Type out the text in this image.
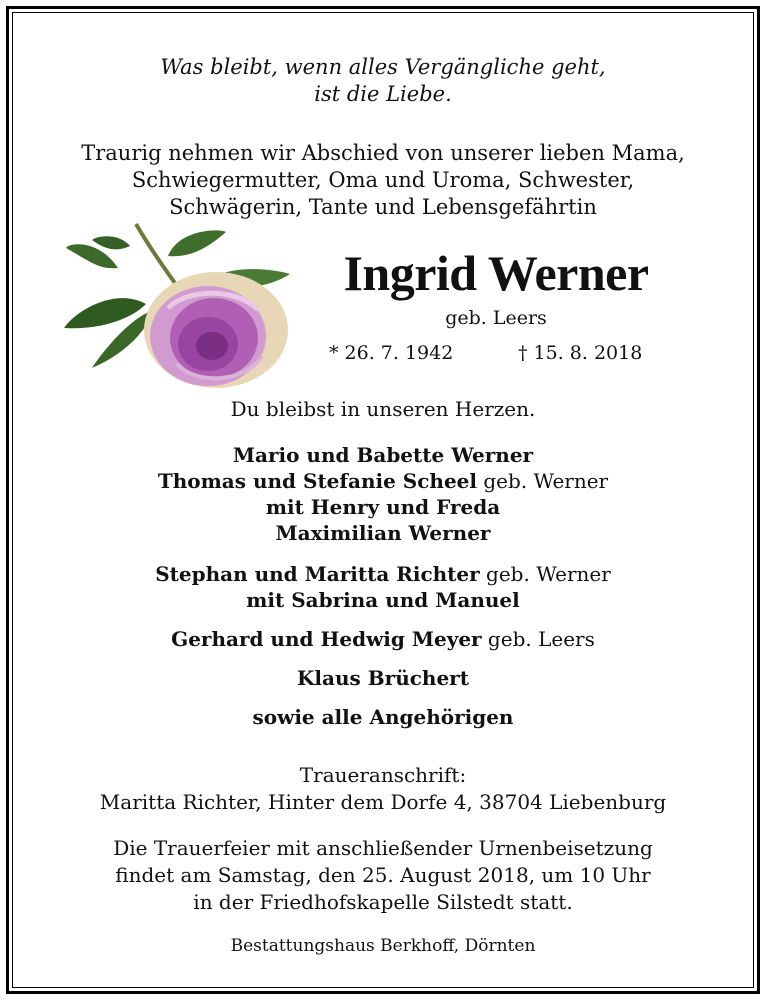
Was bleibt, wenn alles Vergängliche geht,
ist die Liebe.
Traurig nehmen wir Abschied von unserer lieben Mama,
Schwiegermutter, Oma und Uroma, Schwester,
Schwägerin, Tante und Lebensgefährtin
Ingrid Werner
geb. Leers
* 26. 7. 1942	† 15. 8. 2018
Du bleibst in unseren Herzen.
Mario und Babette Werner
Thomas und Stefanie Scheel geb. Werner
mit Henry und Freda
Maximilian Werner
Stephan und Maritta Richter geb. Werner
mit Sabrina und Manuel
Gerhard und Hedwig Meyer geb. Leers
Klaus Brüchert
sowie alle Angehörigen
Traueranschrift:
Maritta Richter, Hinter dem Dorfe 4, 38704 Liebenburg
Die Trauerfeier mit anschließender Urnenbeisetzung
findet am Samstag, den 25. August 2018, um 10 Uhr
in der Friedhofskapelle Silstedt statt.
Bestattungshaus Berkhoff, Dörnten
